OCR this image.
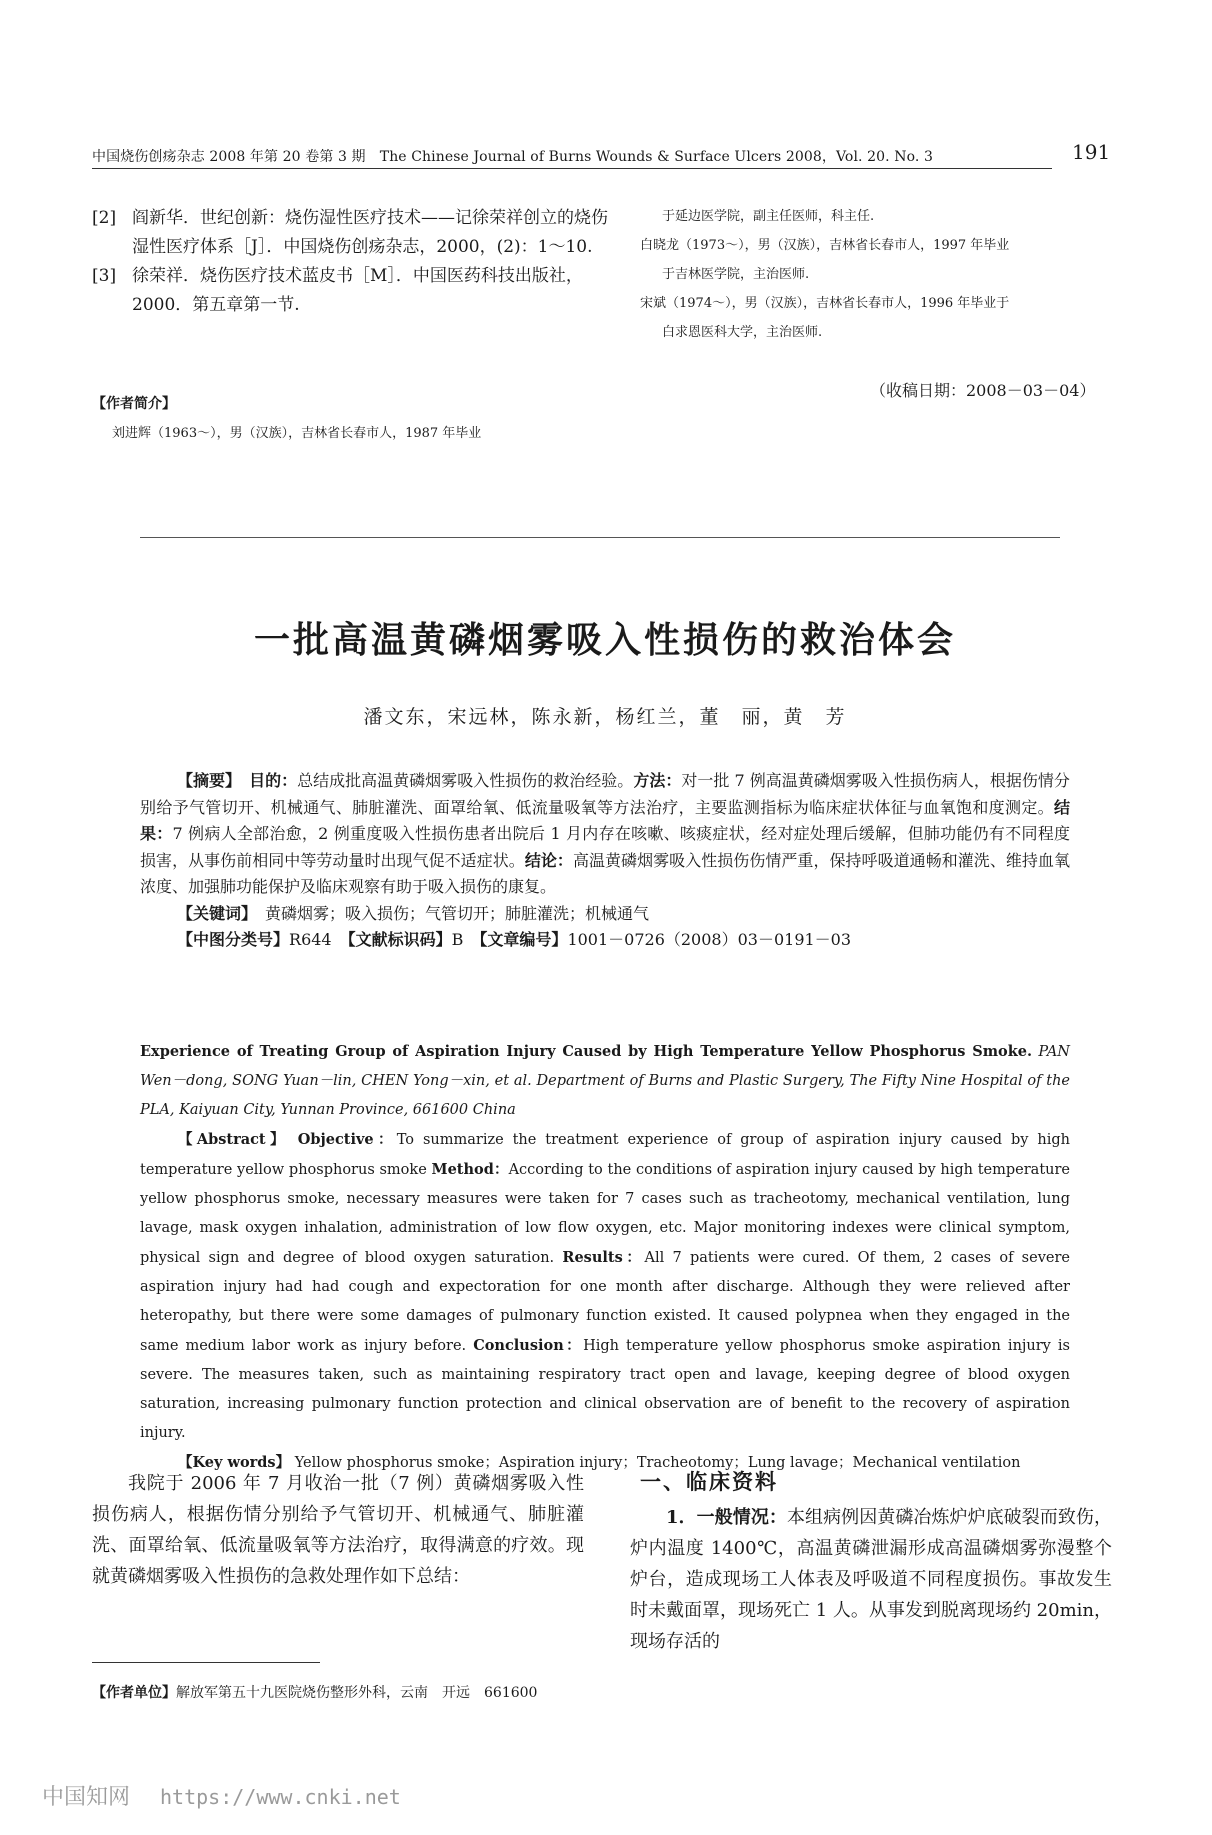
中国烧伤创疡杂志 2008 年第 20 卷第 3 期　The Chinese Journal of Burns Wounds & Surface Ulcers 2008，Vol. 20. No. 3	191
[2] 阎新华．世纪创新：烧伤湿性医疗技术——记徐荣祥创立的烧伤湿性医疗体系［J］．中国烧伤创疡杂志，2000，(2)：1～10.
[3] 徐荣祥．烧伤医疗技术蓝皮书［M］．中国医药科技出版社，2000．第五章第一节.

于延边医学院，副主任医师，科主任.

白晓龙（1973～），男（汉族），吉林省长春市人，1997 年毕业

于吉林医学院，主治医师.

宋斌（1974～），男（汉族），吉林省长春市人，1996 年毕业于

白求恩医科大学，主治医师.

（收稿日期：2008－03－04）
【作者简介】
刘进辉（1963～），男（汉族），吉林省长春市人，1987 年毕业
一批高温黄磷烟雾吸入性损伤的救治体会
潘文东，宋远林，陈永新，杨红兰，董　丽，黄　芳

【摘要】　 目的：总结成批高温黄磷烟雾吸入性损伤的救治经验。方法：对一批 7 例高温黄磷烟雾吸入性损伤病人，根据伤情分别给予气管切开、机械通气、肺脏灌洗、面罩给氧、低流量吸氧等方法治疗，主要监测指标为临床症状体征与血氧饱和度测定。结果：7 例病人全部治愈，2 例重度吸入性损伤患者出院后 1 月内存在咳嗽、咳痰症状，经对症处理后缓解，但肺功能仍有不同程度损害，从事伤前相同中等劳动量时出现气促不适症状。结论：高温黄磷烟雾吸入性损伤伤情严重，保持呼吸道通畅和灌洗、维持血氧浓度、加强肺功能保护及临床观察有助于吸入损伤的康复。

【关键词】　 黄磷烟雾；吸入损伤；气管切开；肺脏灌洗；机械通气

【中图分类号】R644　 【文献标识码】B　 【文章编号】1001－0726（2008）03－0191－03

Experience of Treating Group of Aspiration Injury Caused by High Temperature Yellow Phosphorus Smoke. PAN Wen－dong, SONG Yuan－lin, CHEN Yong－xin, et al. Department of Burns and Plastic Surgery, The Fifty Nine Hospital of the PLA, Kaiyuan City, Yunnan Province, 661600 China

【Abstract】 Objective：To summarize the treatment experience of group of aspiration injury caused by high temperature yellow phosphorus smoke Method：According to the conditions of aspiration injury caused by high temperature yellow phosphorus smoke, necessary measures were taken for 7 cases such as tracheotomy, mechanical ventilation, lung lavage, mask oxygen inhalation, administration of low flow oxygen, etc. Major monitoring indexes were clinical symptom, physical sign and degree of blood oxygen saturation. Results：All 7 patients were cured. Of them, 2 cases of severe aspiration injury had had cough and expectoration for one month after discharge. Although they were relieved after heteropathy, but there were some damages of pulmonary function existed. It caused polypnea when they engaged in the same medium labor work as injury before. Conclusion：High temperature yellow phosphorus smoke aspiration injury is severe. The measures taken, such as maintaining respiratory tract open and lavage, keeping degree of blood oxygen saturation, increasing pulmonary function protection and clinical observation are of benefit to the recovery of aspiration injury.

【Key words】 Yellow phosphorus smoke；Aspiration injury；Tracheotomy；Lung lavage；Mechanical ventilation

我院于 2006 年 7 月收治一批（7 例）黄磷烟雾吸入性损伤病人，根据伤情分别给予气管切开、机械通气、肺脏灌洗、面罩给氧、低流量吸氧等方法治疗，取得满意的疗效。现就黄磷烟雾吸入性损伤的急救处理作如下总结：
一、临床资料
1．一般情况：本组病例因黄磷冶炼炉炉底破裂而致伤，炉内温度 1400℃，高温黄磷泄漏形成高温磷烟雾弥漫整个炉台，造成现场工人体表及呼吸道不同程度损伤。事故发生时未戴面罩，现场死亡 1 人。从事发到脱离现场约 20min，现场存活的
【作者单位】解放军第五十九医院烧伤整形外科，云南　开远　661600
中国知网 https://www.cnki.net
